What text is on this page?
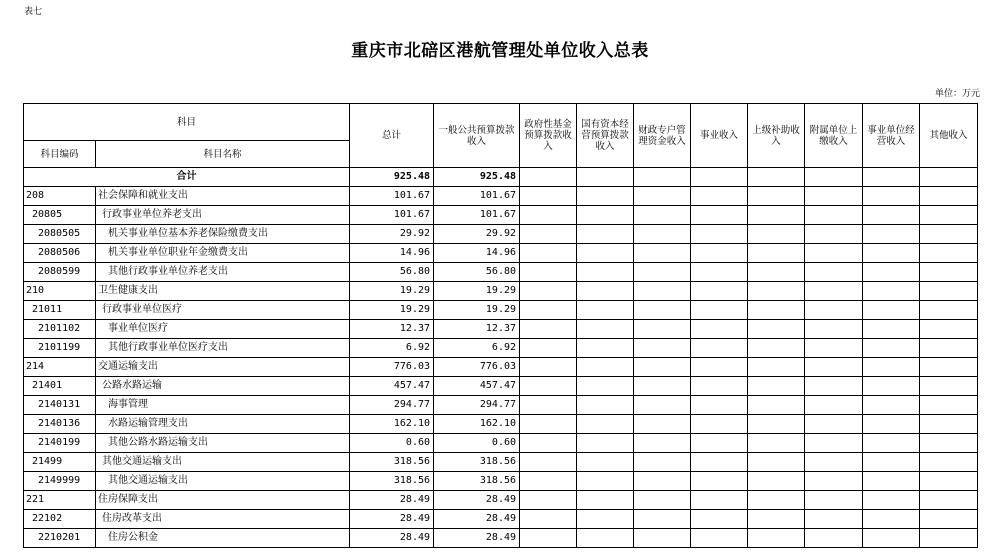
表七
重庆市北碚区港航管理处单位收入总表
单位：万元
科目		总计	一般公共预算拨款收入	政府性基金预算拨款收入	国有资本经营预算拨款收入	财政专户管理资金收入	事业收入	上级补助收入	附属单位上缴收入	事业单位经营收入	其他收入
科目编码	科目名称										
合计		925.48	925.48								
208	社会保障和就业支出	101.67	101.67								
20805	行政事业单位养老支出	101.67	101.67								
2080505	机关事业单位基本养老保险缴费支出	29.92	29.92								
2080506	机关事业单位职业年金缴费支出	14.96	14.96								
2080599	其他行政事业单位养老支出	56.80	56.80								
210	卫生健康支出	19.29	19.29								
21011	行政事业单位医疗	19.29	19.29								
2101102	事业单位医疗	12.37	12.37								
2101199	其他行政事业单位医疗支出	6.92	6.92								
214	交通运输支出	776.03	776.03								
21401	公路水路运输	457.47	457.47								
2140131	海事管理	294.77	294.77								
2140136	水路运输管理支出	162.10	162.10								
2140199	其他公路水路运输支出	0.60	0.60								
21499	其他交通运输支出	318.56	318.56								
2149999	其他交通运输支出	318.56	318.56								
221	住房保障支出	28.49	28.49								
22102	住房改革支出	28.49	28.49								
2210201	住房公积金	28.49	28.49								
